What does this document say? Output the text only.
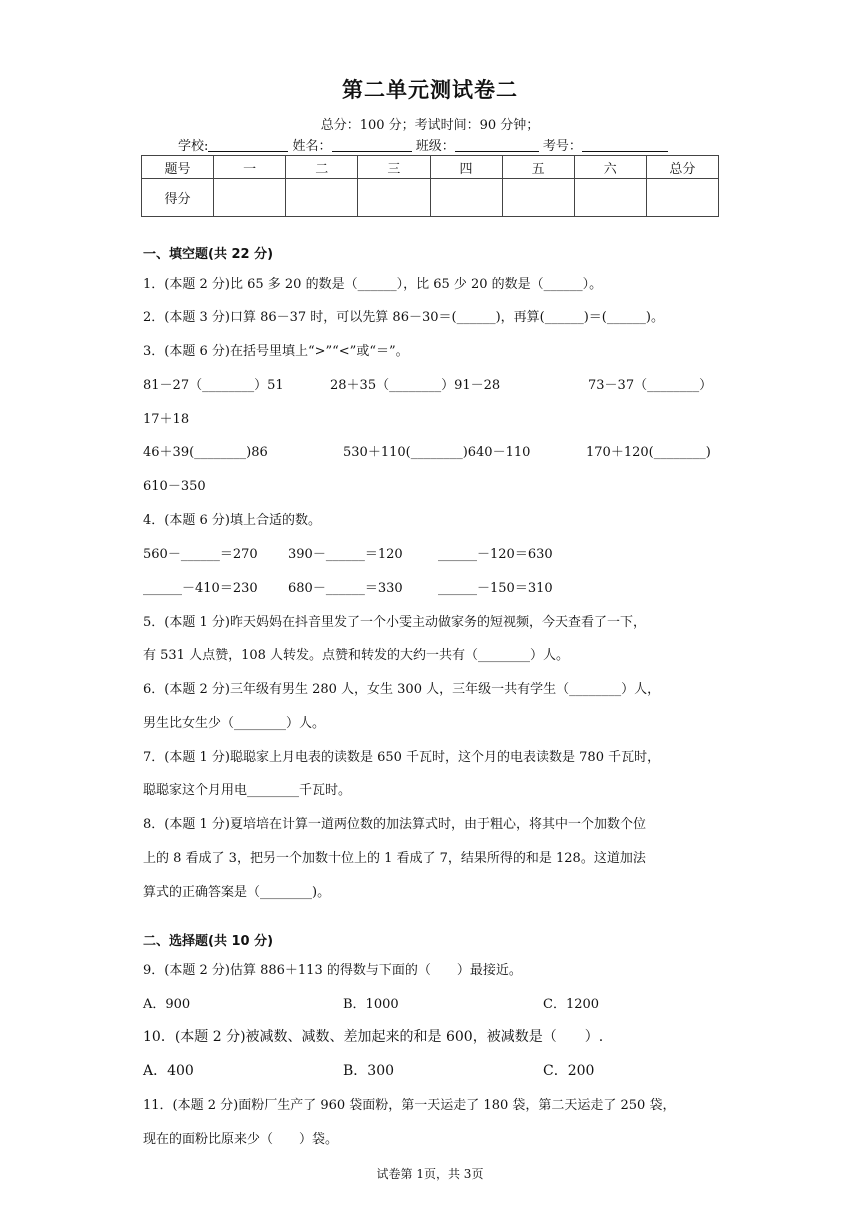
第二单元测试卷二
总分：100 分；考试时间：90 分钟；
学校:	姓名：	班级：	考号：
题号	一	二	三	四	五	六	总分
得分							
一、填空题(共 22 分)
1．(本题 2 分)比 65 多 20 的数是（______），比 65 少 20 的数是（______）。
2．(本题 3 分)口算 86－37 时，可以先算 86－30＝(______)，再算(______)＝(______)。
3．(本题 6 分)在括号里填上“>”“<”或“＝”。
81－27（________）51	28＋35（________）91－28	73－37（________）
17＋18
46＋39(________)86	530＋110(________)640－110	170＋120(________)
610－350
4．(本题 6 分)填上合适的数。
560－______＝270 390－______＝120	______－120＝630
______－410＝230 680－______＝330	______－150＝310
5．(本题 1 分)昨天妈妈在抖音里发了一个小雯主动做家务的短视频，今天查看了一下，
有 531 人点赞，108 人转发。点赞和转发的大约一共有（________）人。
6．(本题 2 分)三年级有男生 280 人，女生 300 人，三年级一共有学生（________）人，
男生比女生少（________）人。
7．(本题 1 分)聪聪家上月电表的读数是 650 千瓦时，这个月的电表读数是 780 千瓦时，
聪聪家这个月用电________千瓦时。
8．(本题 1 分)夏培培在计算一道两位数的加法算式时，由于粗心，将其中一个加数个位
上的 8 看成了 3，把另一个加数十位上的 1 看成了 7，结果所得的和是 128。这道加法
算式的正确答案是（________)。
二、选择题(共 10 分)
9．(本题 2 分)估算 886＋113 的得数与下面的（　　）最接近。
A．900	B．1000	C．1200
10．(本题 2 分)被减数、减数、差加起来的和是 600，被减数是（　　）.
A．400	B．300	C．200
11．(本题 2 分)面粉厂生产了 960 袋面粉，第一天运走了 180 袋，第二天运走了 250 袋，
现在的面粉比原来少（　　）袋。
试卷第 1页，共 3页
